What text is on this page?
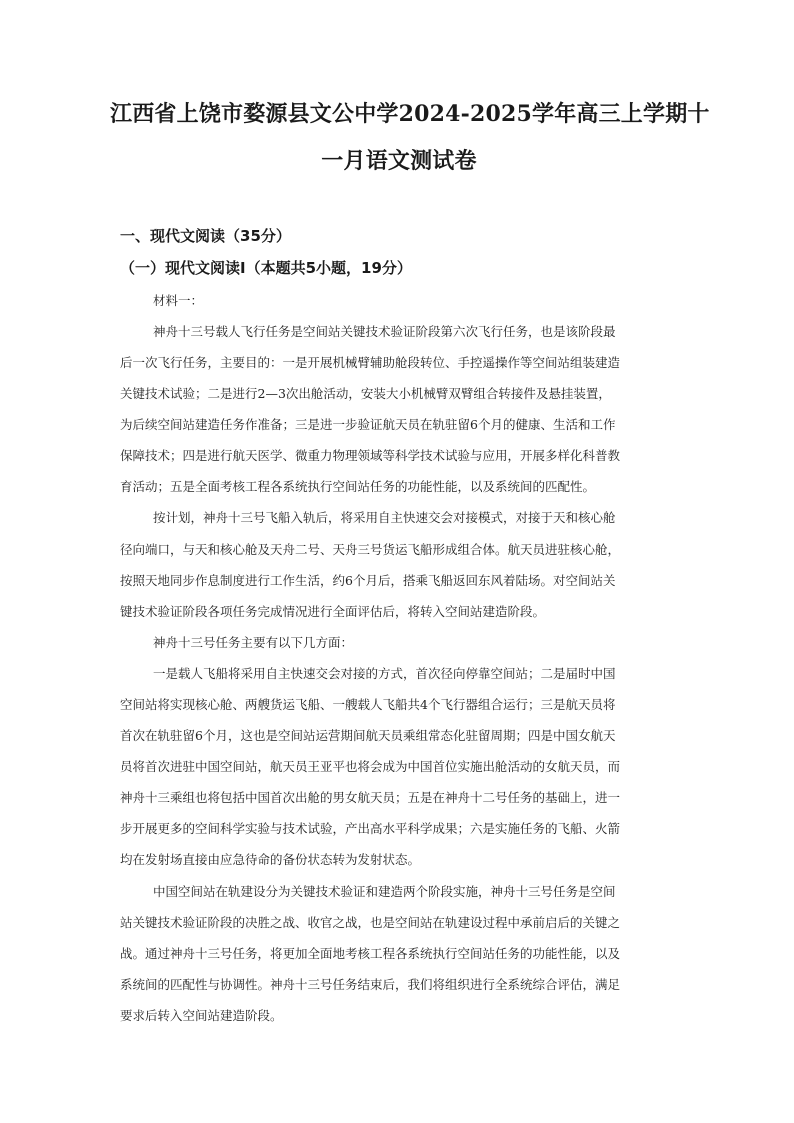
江西省上饶市婺源县文公中学2024-2025学年高三上学期十
一月语文测试卷
一、现代文阅读（35分）
（一）现代文阅读Ⅰ（本题共5小题，19分）
材料一：
神舟十三号载人飞行任务是空间站关键技术验证阶段第六次飞行任务，也是该阶段最
后一次飞行任务，主要目的：一是开展机械臂辅助舱段转位、手控遥操作等空间站组装建造
关键技术试验；二是进行2—3次出舱活动，安装大小机械臂双臂组合转接件及悬挂装置，
为后续空间站建造任务作准备；三是进一步验证航天员在轨驻留6个月的健康、生活和工作
保障技术；四是进行航天医学、微重力物理领域等科学技术试验与应用，开展多样化科普教
育活动；五是全面考核工程各系统执行空间站任务的功能性能，以及系统间的匹配性。
按计划，神舟十三号飞船入轨后，将采用自主快速交会对接模式，对接于天和核心舱
径向端口，与天和核心舱及天舟二号、天舟三号货运飞船形成组合体。航天员进驻核心舱，
按照天地同步作息制度进行工作生活，约6个月后，搭乘飞船返回东风着陆场。对空间站关
键技术验证阶段各项任务完成情况进行全面评估后，将转入空间站建造阶段。
神舟十三号任务主要有以下几方面：
一是载人飞船将采用自主快速交会对接的方式，首次径向停靠空间站；二是届时中国
空间站将实现核心舱、两艘货运飞船、一艘载人飞船共4个飞行器组合运行；三是航天员将
首次在轨驻留6个月，这也是空间站运营期间航天员乘组常态化驻留周期；四是中国女航天
员将首次进驻中国空间站，航天员王亚平也将会成为中国首位实施出舱活动的女航天员，而
神舟十三乘组也将包括中国首次出舱的男女航天员；五是在神舟十二号任务的基础上，进一
步开展更多的空间科学实验与技术试验，产出高水平科学成果；六是实施任务的飞船、火箭
均在发射场直接由应急待命的备份状态转为发射状态。
中国空间站在轨建设分为关键技术验证和建造两个阶段实施，神舟十三号任务是空间
站关键技术验证阶段的决胜之战、收官之战，也是空间站在轨建设过程中承前启后的关键之
战。通过神舟十三号任务，将更加全面地考核工程各系统执行空间站任务的功能性能，以及
系统间的匹配性与协调性。神舟十三号任务结束后，我们将组织进行全系统综合评估，满足
要求后转入空间站建造阶段。
